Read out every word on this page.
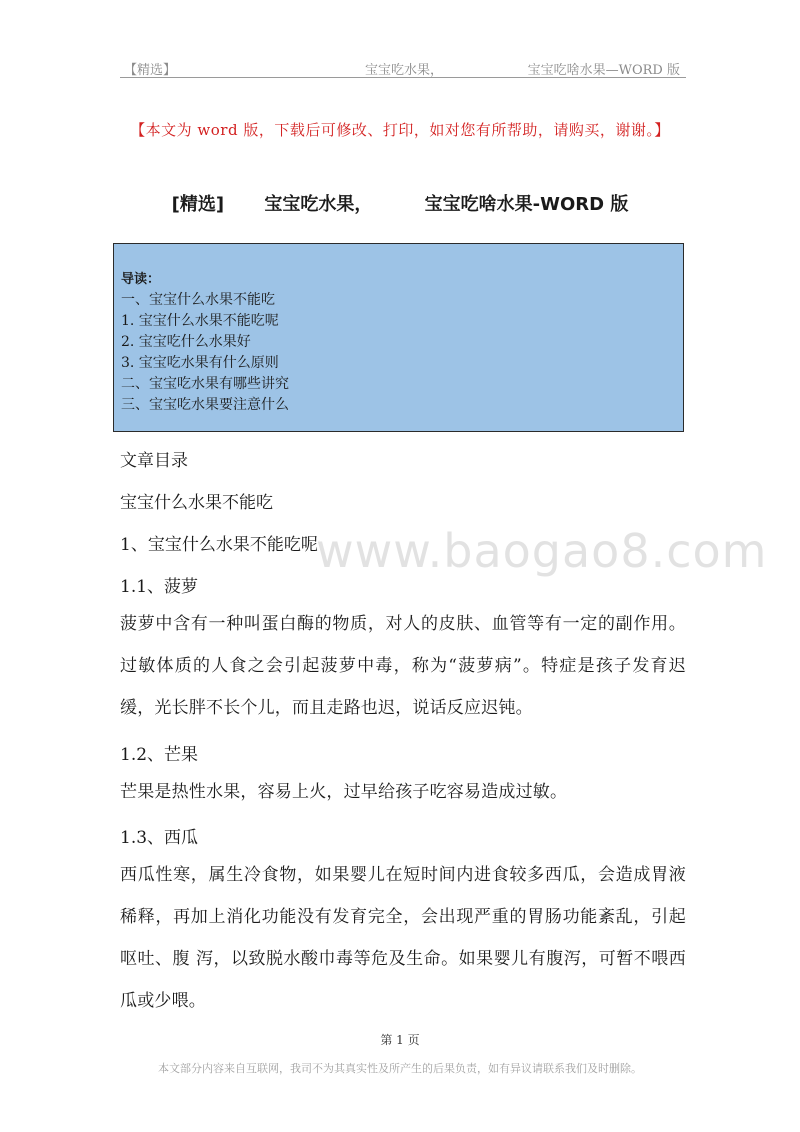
【精选】	宝宝吃水果，	宝宝吃啥水果—WORD 版
【本文为 word 版，下载后可修改、打印，如对您有所帮助，请购买，谢谢。】
[精选] 宝宝吃水果，	宝宝吃啥水果-WORD 版
导读：
一、宝宝什么水果不能吃
1. 宝宝什么水果不能吃呢
2. 宝宝吃什么水果好
3. 宝宝吃水果有什么原则
二、宝宝吃水果有哪些讲究
三、宝宝吃水果要注意什么
www.baogao8.com
文章目录
宝宝什么水果不能吃
1、宝宝什么水果不能吃呢
1.1、菠萝
菠萝中含有一种叫蛋白酶的物质，对人的皮肤、血管等有一定的副作用。过敏体质的人食之会引起菠萝中毒，称为“菠萝病”。特症是孩子发育迟缓，光长胖不长个儿，而且走路也迟，说话反应迟钝。
1.2、芒果
芒果是热性水果，容易上火，过早给孩子吃容易造成过敏。
1.3、西瓜
西瓜性寒，属生冷食物，如果婴儿在短时间内进食较多西瓜，会造成胃液稀释，再加上消化功能没有发育完全，会出现严重的胃肠功能紊乱，引起呕吐、腹 泻，以致脱水酸巾毒等危及生命。如果婴儿有腹泻，可暂不喂西瓜或少喂。
第 1 页
本文部分内容来自互联网，我司不为其真实性及所产生的后果负责，如有异议请联系我们及时删除。
